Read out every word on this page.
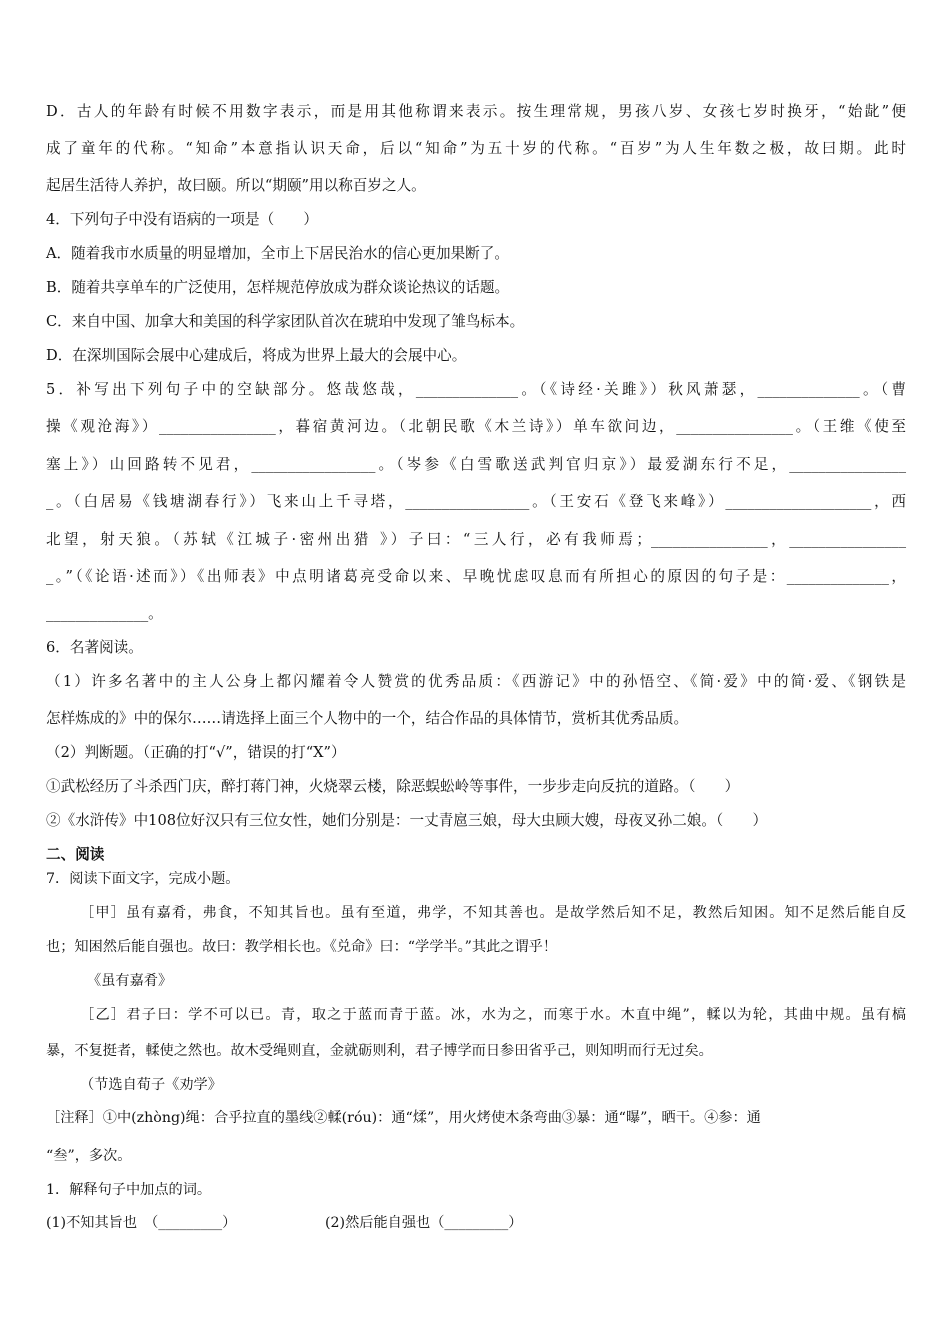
D．古人的年龄有时候不用数字表示，而是用其他称谓来表示。按生理常规，男孩八岁、女孩七岁时换牙，“始龀”便
成了童年的代称。“知命”本意指认识天命，后以“知命”为五十岁的代称。“百岁”为人生年数之极，故曰期。此时
起居生活待人养护，故曰颐。所以“期颐”用以称百岁之人。
4．下列句子中没有语病的一项是（　　）
A．随着我市水质量的明显增加，全市上下居民治水的信心更加果断了。
B．随着共享单车的广泛使用，怎样规范停放成为群众谈论热议的话题。
C．来自中国、加拿大和美国的科学家团队首次在琥珀中发现了雏鸟标本。
D．在深圳国际会展中心建成后，将成为世界上最大的会展中心。
5．补写出下列句子中的空缺部分。悠哉悠哉，______________。（《诗经·关雎》）秋风萧瑟，______________。（曹
操《观沧海》）________________，暮宿黄河边。（北朝民歌《木兰诗》）单车欲问边，________________。（王维《使至
塞上》）山回路转不见君，_________________。（岑参《白雪歌送武判官归京》）最爱湖东行不足，________________
_。（白居易《钱塘湖春行》）飞来山上千寻塔，_________________。（王安石《登飞来峰》）____________________，西
北望，射天狼。（苏轼《江城子·密州出猎 》）子曰：“三人行，必有我师焉；________________，________________
_。”（《论语·述而》）《出师表》中点明诸葛亮受命以来、早晚忧虑叹息而有所担心的原因的句子是：______________，
______________。
6．名著阅读。
（1）许多名著中的主人公身上都闪耀着令人赞赏的优秀品质：《西游记》中的孙悟空、《简·爱》中的简·爱、《钢铁是
怎样炼成的》中的保尔……请选择上面三个人物中的一个，结合作品的具体情节，赏析其优秀品质。
（2）判断题。（正确的打“√”，错误的打“X”）
①武松经历了斗杀西门庆，醉打蒋门神，火烧翠云楼，除恶蜈蚣岭等事件，一步步走向反抗的道路。（　　）
②《水浒传》中108位好汉只有三位女性，她们分别是：一丈青扈三娘，母大虫顾大嫂，母夜叉孙二娘。（　　）
二、阅读
7．阅读下面文字，完成小题。
［甲］虽有嘉肴，弗食，不知其旨也。虽有至道，弗学，不知其善也。是故学然后知不足，教然后知困。知不足然后能自反
也；知困然后能自强也。故曰：教学相长也。《兑命》曰：“学学半。”其此之谓乎！
《虽有嘉肴》
［乙］君子曰：学不可以已。青，取之于蓝而青于蓝。冰，水为之，而寒于水。木直中绳”，輮以为轮，其曲中规。虽有槁
暴，不复挺者，輮使之然也。故木受绳则直，金就砺则利，君子博学而日参田省乎己，则知明而行无过矣。
（节选自荀子《劝学》
［注释］①中(zhòng)绳：合乎拉直的墨线②輮(róu)：通“煣”，用火烤使木条弯曲③暴：通“曝”，晒干。④参：通
“叁”，多次。
1．解释句子中加点的词。
(1)不知其旨也　（_________）	(2)然后能自强也（_________）
